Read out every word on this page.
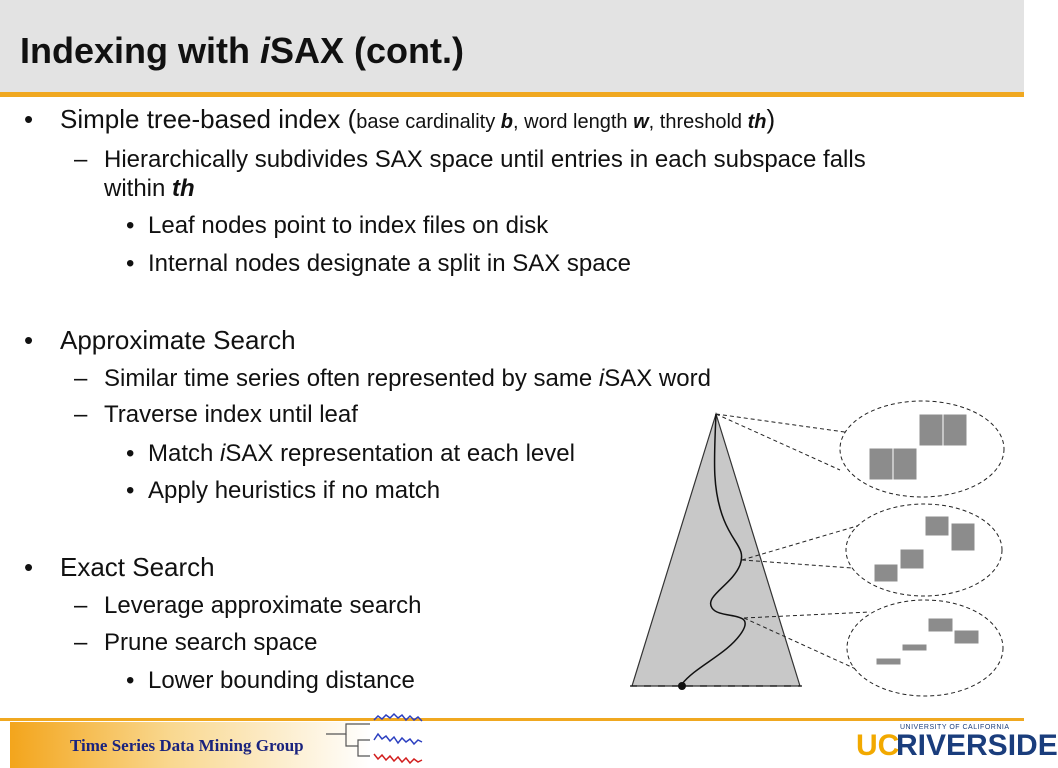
Indexing with iSAX (cont.)
• Simple tree-based index (base cardinality b, word length w, threshold th)
– Hierarchically subdivides SAX space until entries in each subspace falls
within th
• Leaf nodes point to index files on disk
• Internal nodes designate a split in SAX space
• Approximate Search
– Similar time series often represented by same iSAX word
– Traverse index until leaf
• Match iSAX representation at each level
• Apply heuristics if no match
• Exact Search
– Leverage approximate search
– Prune search space
• Lower bounding distance
Time Series Data Mining Group
UNIVERSITY OF CALIFORNIA
UC
RIVERSIDE
